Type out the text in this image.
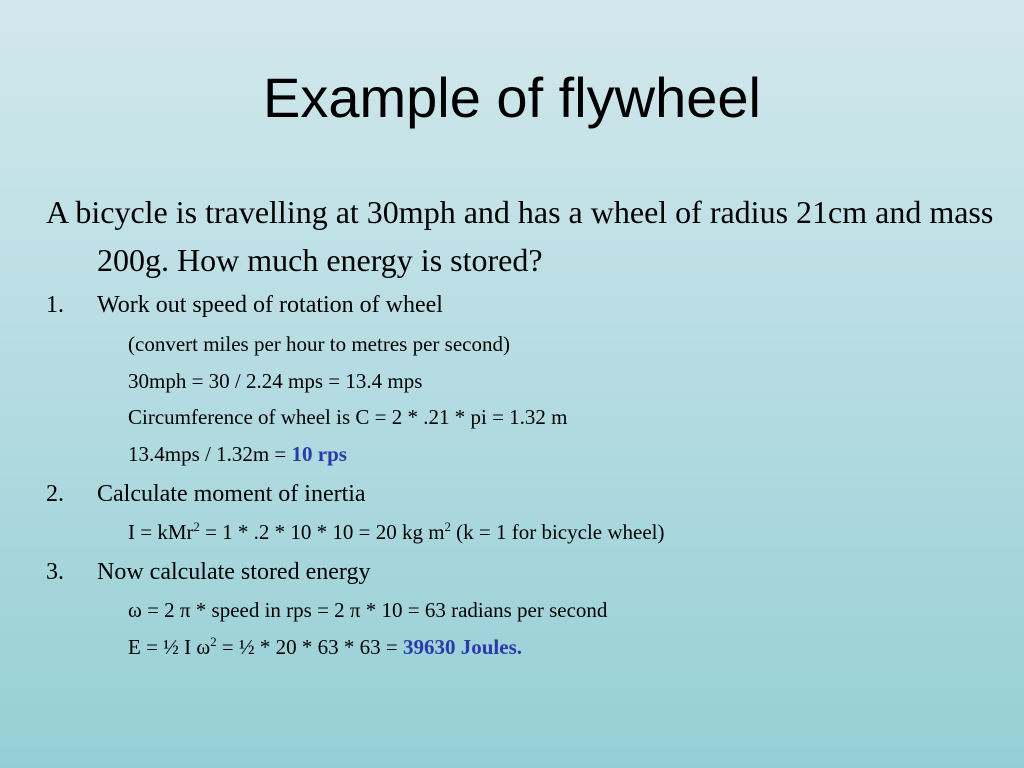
Example of flywheel
A bicycle is travelling at 30mph and has a wheel of radius 21cm and mass 200g. How much energy is stored?
1. Work out speed of rotation of wheel
(convert miles per hour to metres per second)
30mph = 30 / 2.24 mps = 13.4 mps
Circumference of wheel is C = 2 * .21 * pi = 1.32 m
13.4mps / 1.32m = 10 rps
2. Calculate moment of inertia
I = kMr$^2$ = 1 * .2 * 10 * 10 = 20 kg $m^2$ (k = 1 for bicycle wheel)
3. Now calculate stored energy
ω = 2 π * speed in rps = 2 π * 10 = 63 radians per second
E = ½ I $\omega^2$ = ½ * 20 * 63 * 63 = 39630 Joules.
